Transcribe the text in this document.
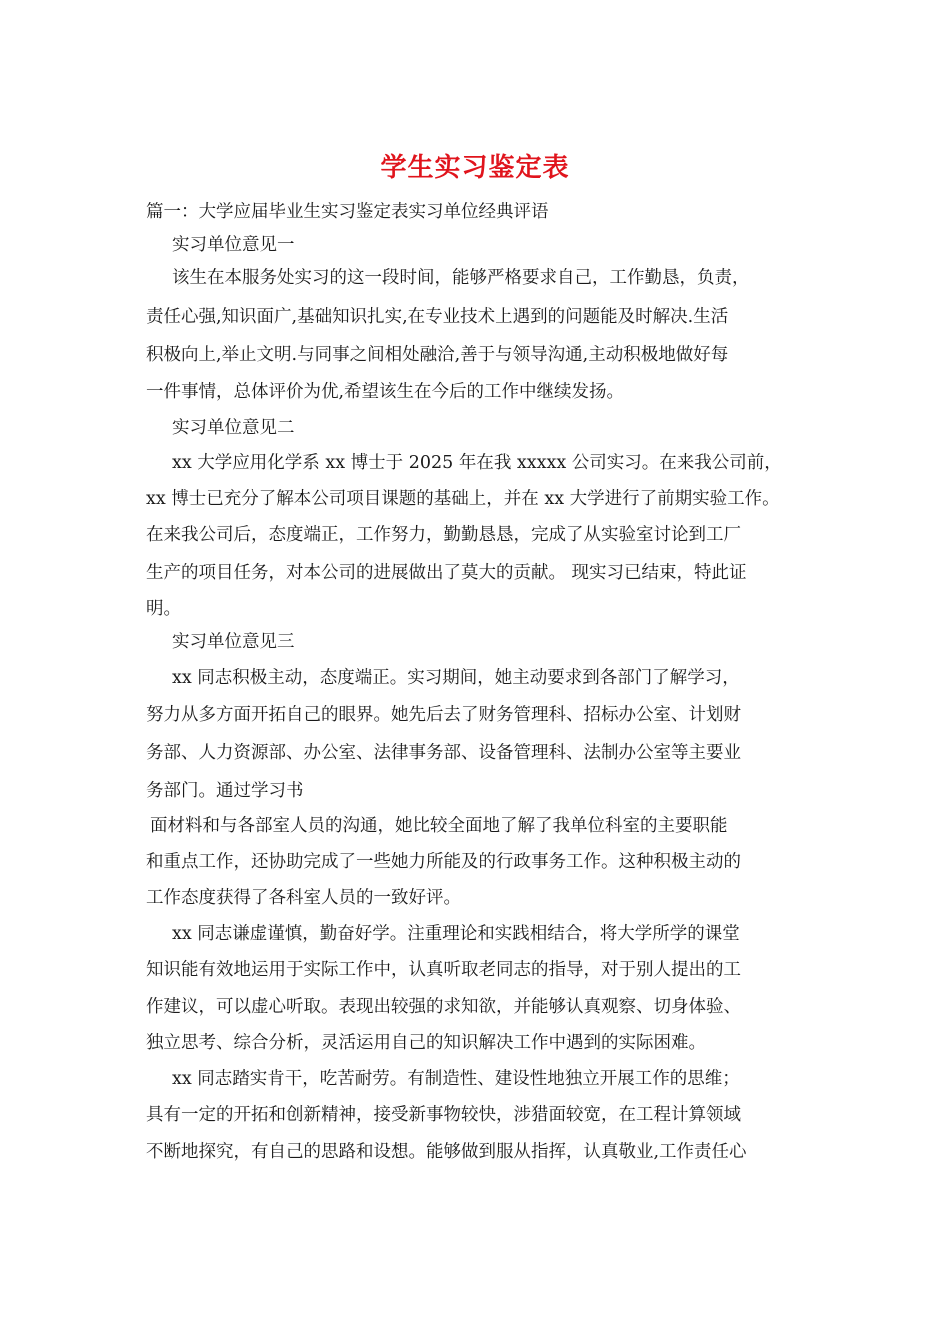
学生实习鉴定表
篇一：大学应届毕业生实习鉴定表实习单位经典评语
实习单位意见一
该生在本服务处实习的这一段时间，能够严格要求自己，工作勤恳，负责，
责任心强,知识面广,基础知识扎实,在专业技术上遇到的问题能及时解决.生活
积极向上,举止文明.与同事之间相处融洽,善于与领导沟通,主动积极地做好每
一件事情，总体评价为优,希望该生在今后的工作中继续发扬。
实习单位意见二
xx 大学应用化学系 xx 博士于 2025 年在我 xxxxx 公司实习。在来我公司前，
xx 博士已充分了解本公司项目课题的基础上，并在 xx 大学进行了前期实验工作。
在来我公司后，态度端正，工作努力，勤勤恳恳，完成了从实验室讨论到工厂
生产的项目任务，对本公司的进展做出了莫大的贡献。 现实习已结束，特此证
明。
实习单位意见三
xx 同志积极主动，态度端正。实习期间，她主动要求到各部门了解学习，
努力从多方面开拓自己的眼界。她先后去了财务管理科、招标办公室、计划财
务部、人力资源部、办公室、法律事务部、设备管理科、法制办公室等主要业
务部门。通过学习书
面材料和与各部室人员的沟通，她比较全面地了解了我单位科室的主要职能
和重点工作，还协助完成了一些她力所能及的行政事务工作。这种积极主动的
工作态度获得了各科室人员的一致好评。
xx 同志谦虚谨慎，勤奋好学。注重理论和实践相结合，将大学所学的课堂
知识能有效地运用于实际工作中，认真听取老同志的指导，对于别人提出的工
作建议，可以虚心听取。表现出较强的求知欲，并能够认真观察、切身体验、
独立思考、综合分析，灵活运用自己的知识解决工作中遇到的实际困难。
xx 同志踏实肯干，吃苦耐劳。有制造性、建设性地独立开展工作的思维；
具有一定的开拓和创新精神，接受新事物较快，涉猎面较宽，在工程计算领域
不断地探究，有自己的思路和设想。能够做到服从指挥，认真敬业,工作责任心
